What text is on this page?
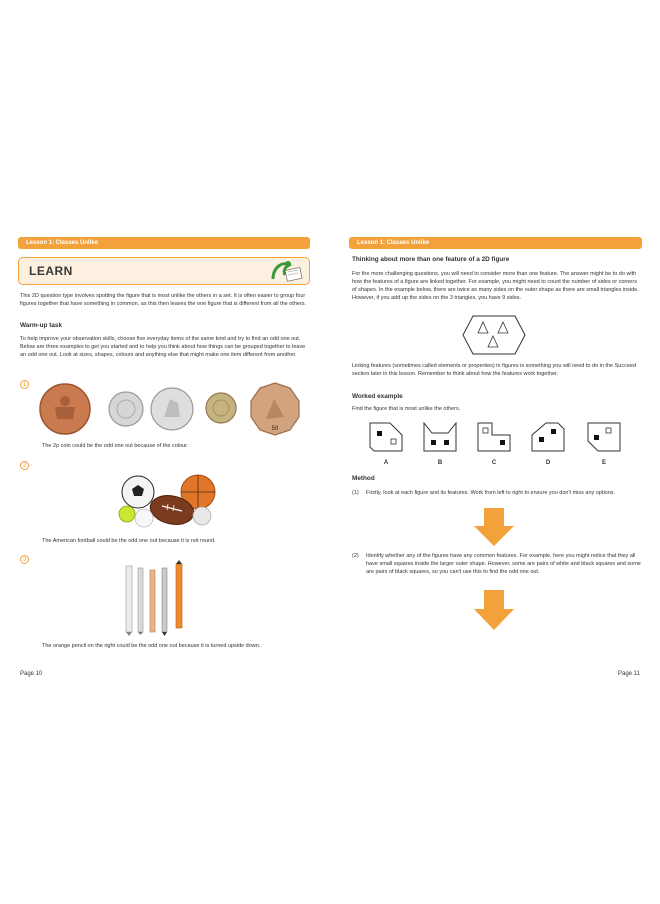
Lesson 1: Classes Unlike
LEARN

This 2D question type involves spotting the figure that is most unlike the others in a set. It is often easier to group four figures together that have something in common, as this then leaves the one figure that is different from all the others.

Warm-up task

To help improve your observation skills, choose five everyday items of the same kind and try to find an odd one out. Below are three examples to get you started and to help you think about how things can be grouped together to leave an odd one out. Look at sizes, shapes, colours and anything else that might make one item different from another.

1
50
The 2p coin could be the odd one out because of the colour.
2
The American football could be the odd one out because it is not round.
3
The orange pencil on the right could be the odd one out because it is turned upside down.
Page 10
Lesson 1: Classes Unlike

Thinking about more than one feature of a 2D figure

For the more challenging questions, you will need to consider more than one feature. The answer might be to do with how the features of a figure are linked together. For example, you might need to count the number of sides or corners of shapes. In the example below, there are twice as many sides on the outer shape as there are small triangles inside. However, if you add up the sides on the 3 triangles, you have 9 sides.

Linking features (sometimes called elements or properties) in figures is something you will need to do in the Succeed section later in this lesson. Remember to think about how the features work together.

Worked example

Find the figure that is most unlike the others.

A	B	C	D	E

Method

(1) Firstly, look at each figure and its features. Work from left to right to ensure you don't miss any options.

(2) Identify whether any of the figures have any common features. For example, here you might notice that they all have small squares inside the larger outer shape. However, some are pairs of white and black squares and some are pairs of black squares, so you can't use this to find the odd one out.

Page 11
